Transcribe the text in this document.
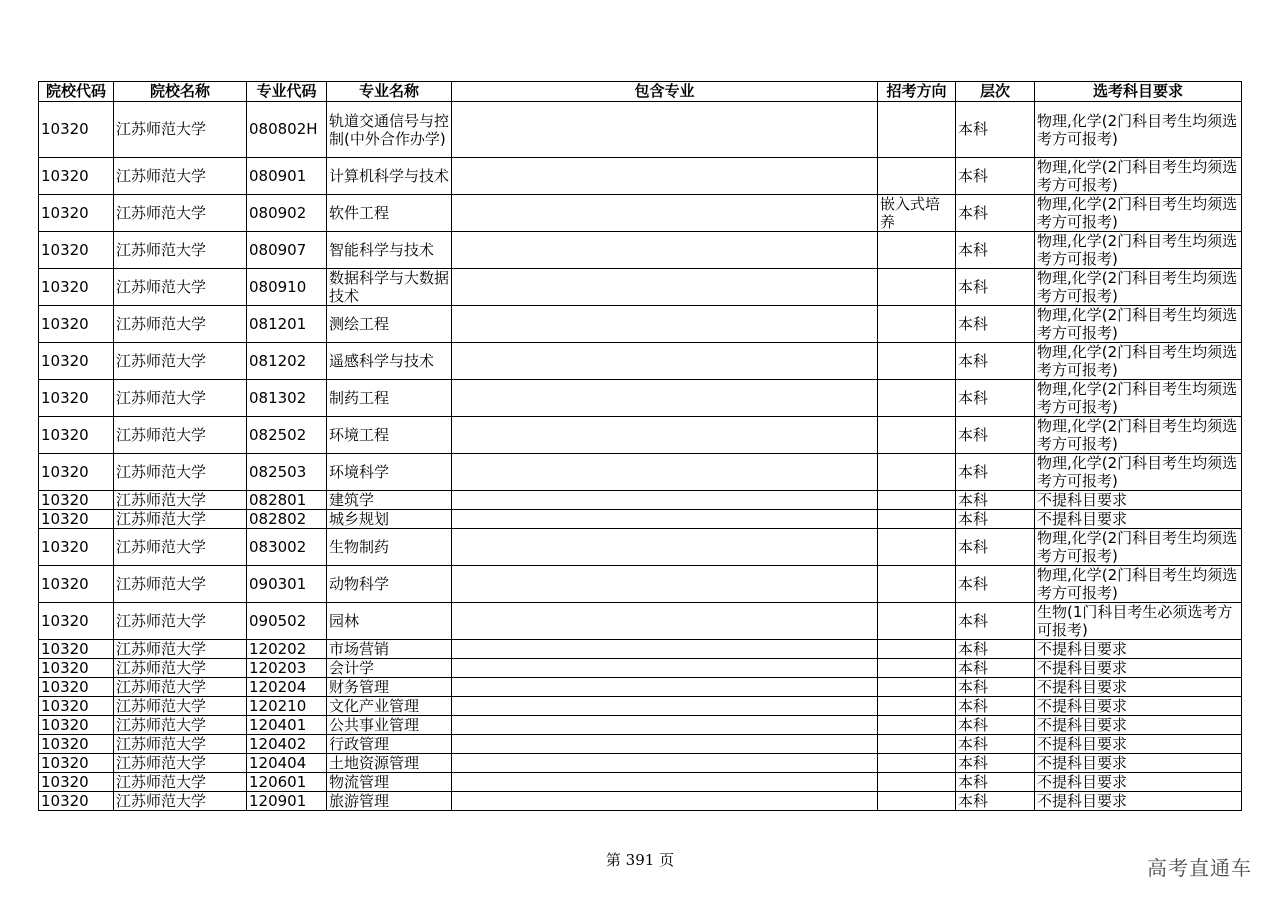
院校代码	院校名称	专业代码	专业名称	包含专业	招考方向	层次	选考科目要求
10320	江苏师范大学	080802H	轨道交通信号与控制(中外合作办学)			本科	物理,化学(2门科目考生均须选考方可报考)
10320	江苏师范大学	080901	计算机科学与技术			本科	物理,化学(2门科目考生均须选考方可报考)
10320	江苏师范大学	080902	软件工程		嵌入式培养	本科	物理,化学(2门科目考生均须选考方可报考)
10320	江苏师范大学	080907	智能科学与技术			本科	物理,化学(2门科目考生均须选考方可报考)
10320	江苏师范大学	080910	数据科学与大数据技术			本科	物理,化学(2门科目考生均须选考方可报考)
10320	江苏师范大学	081201	测绘工程			本科	物理,化学(2门科目考生均须选考方可报考)
10320	江苏师范大学	081202	遥感科学与技术			本科	物理,化学(2门科目考生均须选考方可报考)
10320	江苏师范大学	081302	制药工程			本科	物理,化学(2门科目考生均须选考方可报考)
10320	江苏师范大学	082502	环境工程			本科	物理,化学(2门科目考生均须选考方可报考)
10320	江苏师范大学	082503	环境科学			本科	物理,化学(2门科目考生均须选考方可报考)
10320	江苏师范大学	082801	建筑学			本科	不提科目要求
10320	江苏师范大学	082802	城乡规划			本科	不提科目要求
10320	江苏师范大学	083002	生物制药			本科	物理,化学(2门科目考生均须选考方可报考)
10320	江苏师范大学	090301	动物科学			本科	物理,化学(2门科目考生均须选考方可报考)
10320	江苏师范大学	090502	园林			本科	生物(1门科目考生必须选考方可报考)
10320	江苏师范大学	120202	市场营销			本科	不提科目要求
10320	江苏师范大学	120203	会计学			本科	不提科目要求
10320	江苏师范大学	120204	财务管理			本科	不提科目要求
10320	江苏师范大学	120210	文化产业管理			本科	不提科目要求
10320	江苏师范大学	120401	公共事业管理			本科	不提科目要求
10320	江苏师范大学	120402	行政管理			本科	不提科目要求
10320	江苏师范大学	120404	土地资源管理			本科	不提科目要求
10320	江苏师范大学	120601	物流管理			本科	不提科目要求
10320	江苏师范大学	120901	旅游管理			本科	不提科目要求
第 391 页	高考直通车
